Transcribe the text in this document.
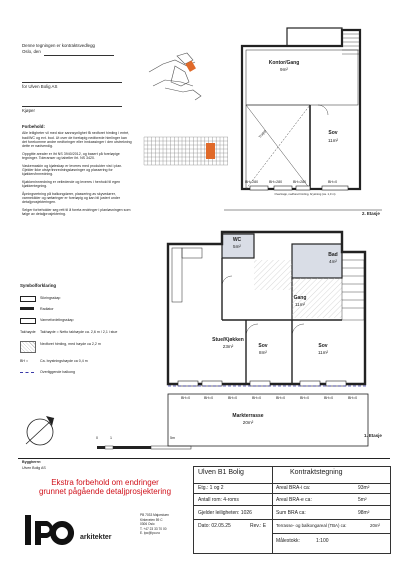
Denne tegningen er kontraktsvedlegg
Oslo, den
for Ulven Bolig AS
Kjøper
Forbehold:
Alle leiligheter vil med stor sannsynlighet få nedforet himling i entré, bad/WC og evt. bod. Ut over de foreløpig nedforede himlinger kan det forekomme andre nedforinger eller innkassinger i den utstrekning dette er nødvendig.
Oppgitte arealer er iht NS 3940/2012, og basert på foreløpige tegninger. Toleranser og tabeller iht. NS 3420.
Vaskemaskin og kjøleskap er leveres med produkter vist i plan. Gjelder ikke utstyr/innredningsløsninger og plassering for kjøkken/innredning.
Kjøkkeninnredning er veiledende og leveres i henhold til egen kjøkkentegning.
Åpningsretning på balkongdører, plassering av skyvedører, varmekilder og rørføringer er foreløpig og kan bli justert under detaljprosjekteringen.
Selger forbeholder seg rett til å foreta endringer i planløsningen som følge av detaljprosjektering.
Symbolforklaring
Sikringsskap
Radiator
Varmefordelingsskap
Takhøyde Takhøyde = Netto takhøyde ca. 2,6 m / 2,1 i stue
Nedforet himling, med høyde ca 2,2 m
BH =	Ca. brystningshøyde ca 0,4 m
Overliggende balkong
0	1	5m
Kontor/Gang
9m²
Sov
11m²
Trapp
BH=280	BH=280	BH=280	BH=0
Overtrapp, nedforet himling, brystning (ca. 1,0 m)
2. Etasje
WC
5m²
Bad
4m²
Gang
11m²
Stue/Kjøkken
23m²	Sov
8m²
Sov
11m²
Markterrasse
20m²
BH=0	BH=0	BH=0	BH=0	BH=0	BH=0	BH=0	BH=0
1. Etasje
Byggherre:
Ulven Bolig AS
Ekstra forbehold om endringer
grunnet pågående detaljprosjektering
arkitekter
PB 7033 Majorstuen
Kirkeveien 59 C
0306 Oslo
T. +47 23 33 70 00
E. lpo@lpo.no
Ulven B1 Bolig	Kontraktstegning
Etg.: 1 og 2
Antall rom: 4-roms
Gjelder leiligheten: 1026
Dato: 02.05.25	Rev.: E
Areal BRA-i ca:	93m²
Areal BRA-e ca:	5m²
Sum BRA ca:	98m²
Terrasse- og balkongareal (TBA) ca:	20m²
Målestokk:	1:100
